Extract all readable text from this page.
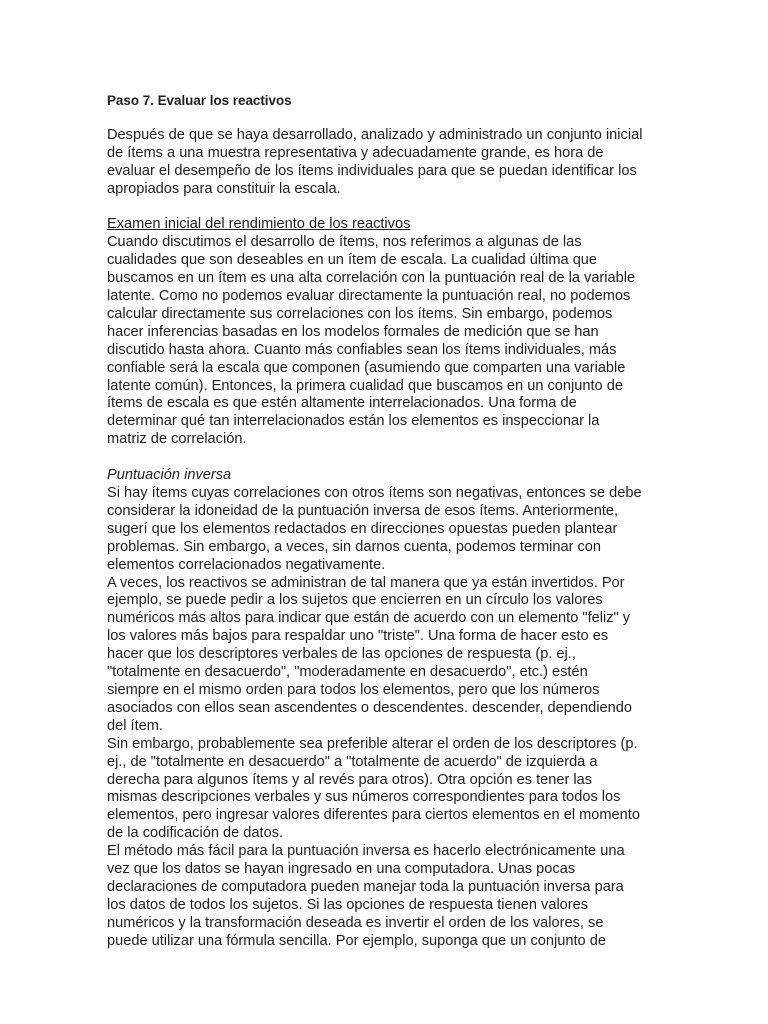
Paso 7. Evaluar los reactivos

Después de que se haya desarrollado, analizado y administrado un conjunto inicial de ítems a una muestra representativa y adecuadamente grande, es hora de evaluar el desempeño de los ítems individuales para que se puedan identificar los apropiados para constituir la escala.

Examen inicial del rendimiento de los reactivos

Cuando discutimos el desarrollo de ítems, nos referimos a algunas de las cualidades que son deseables en un ítem de escala. La cualidad última que buscamos en un ítem es una alta correlación con la puntuación real de la variable latente. Como no podemos evaluar directamente la puntuación real, no podemos calcular directamente sus correlaciones con los ítems. Sin embargo, podemos hacer inferencias basadas en los modelos formales de medición que se han discutido hasta ahora. Cuanto más confiables sean los ítems individuales, más confiable será la escala que componen (asumiendo que comparten una variable latente común). Entonces, la primera cualidad que buscamos en un conjunto de ítems de escala es que estén altamente interrelacionados. Una forma de determinar qué tan interrelacionados están los elementos es inspeccionar la matriz de correlación.

Puntuación inversa

Si hay ítems cuyas correlaciones con otros ítems son negativas, entonces se debe considerar la idoneidad de la puntuación inversa de esos ítems. Anteriormente, sugerí que los elementos redactados en direcciones opuestas pueden plantear problemas. Sin embargo, a veces, sin darnos cuenta, podemos terminar con elementos correlacionados negativamente.

A veces, los reactivos se administran de tal manera que ya están invertidos. Por ejemplo, se puede pedir a los sujetos que encierren en un círculo los valores numéricos más altos para indicar que están de acuerdo con un elemento "feliz" y los valores más bajos para respaldar uno "triste". Una forma de hacer esto es hacer que los descriptores verbales de las opciones de respuesta (p. ej., "totalmente en desacuerdo", "moderadamente en desacuerdo", etc.) estén siempre en el mismo orden para todos los elementos, pero que los números asociados con ellos sean ascendentes o descendentes. descender, dependiendo del ítem.

Sin embargo, probablemente sea preferible alterar el orden de los descriptores (p. ej., de "totalmente en desacuerdo" a "totalmente de acuerdo" de izquierda a derecha para algunos ítems y al revés para otros). Otra opción es tener las mismas descripciones verbales y sus números correspondientes para todos los elementos, pero ingresar valores diferentes para ciertos elementos en el momento de la codificación de datos.

El método más fácil para la puntuación inversa es hacerlo electrónicamente una vez que los datos se hayan ingresado en una computadora. Unas pocas declaraciones de computadora pueden manejar toda la puntuación inversa para los datos de todos los sujetos. Si las opciones de respuesta tienen valores numéricos y la transformación deseada es invertir el orden de los valores, se puede utilizar una fórmula sencilla. Por ejemplo, suponga que un conjunto de
